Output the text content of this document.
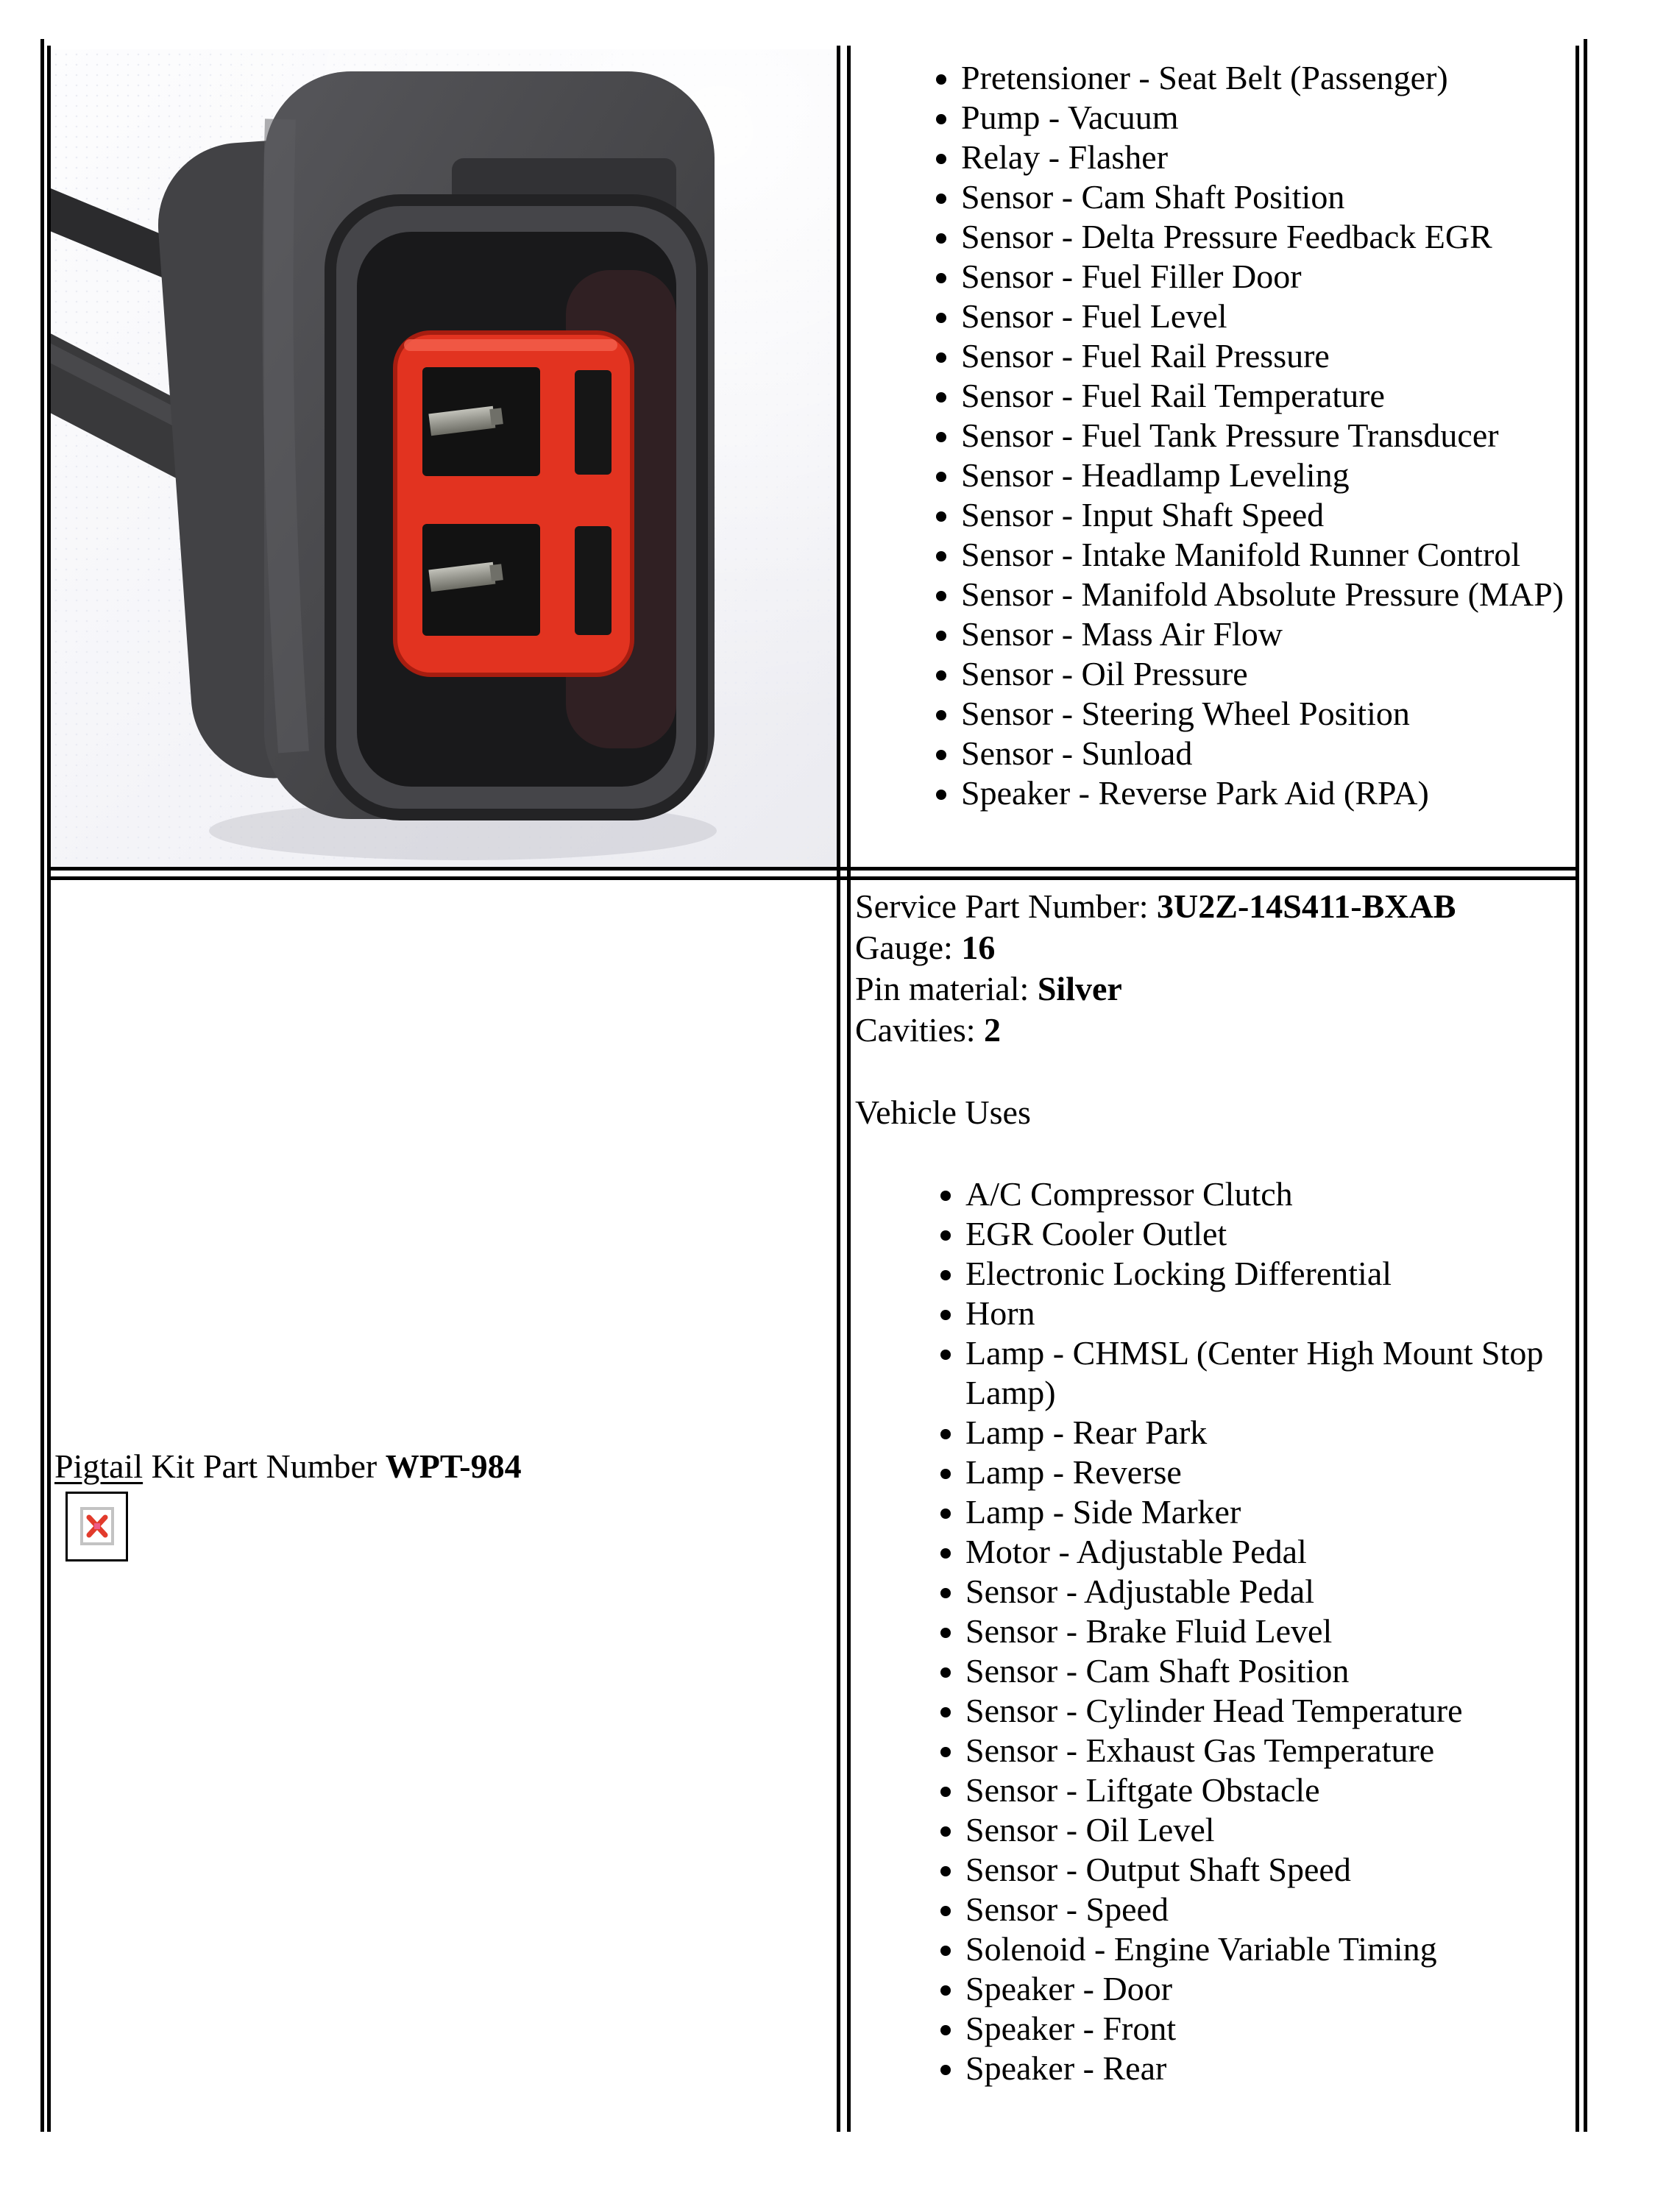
• Pretensioner - Seat Belt (Passenger)
• Pump - Vacuum
• Relay - Flasher
• Sensor - Cam Shaft Position
• Sensor - Delta Pressure Feedback EGR
• Sensor - Fuel Filler Door
• Sensor - Fuel Level
• Sensor - Fuel Rail Pressure
• Sensor - Fuel Rail Temperature
• Sensor - Fuel Tank Pressure Transducer
• Sensor - Headlamp Leveling
• Sensor - Input Shaft Speed
• Sensor - Intake Manifold Runner Control
• Sensor - Manifold Absolute Pressure (MAP)
• Sensor - Mass Air Flow
• Sensor - Oil Pressure
• Sensor - Steering Wheel Position
• Sensor - Sunload
• Speaker - Reverse Park Aid (RPA)
Pigtail Kit Part Number WPT-984
Service Part Number: 3U2Z-14S411-BXAB
Gauge: 16
Pin material: Silver
Cavities: 2
Vehicle Uses
• A/C Compressor Clutch
• EGR Cooler Outlet
• Electronic Locking Differential
• Horn
• Lamp - CHMSL (Center High Mount Stop Lamp)
• Lamp - Rear Park
• Lamp - Reverse
• Lamp - Side Marker
• Motor - Adjustable Pedal
• Sensor - Adjustable Pedal
• Sensor - Brake Fluid Level
• Sensor - Cam Shaft Position
• Sensor - Cylinder Head Temperature
• Sensor - Exhaust Gas Temperature
• Sensor - Liftgate Obstacle
• Sensor - Oil Level
• Sensor - Output Shaft Speed
• Sensor - Speed
• Solenoid - Engine Variable Timing
• Speaker - Door
• Speaker - Front
• Speaker - Rear
